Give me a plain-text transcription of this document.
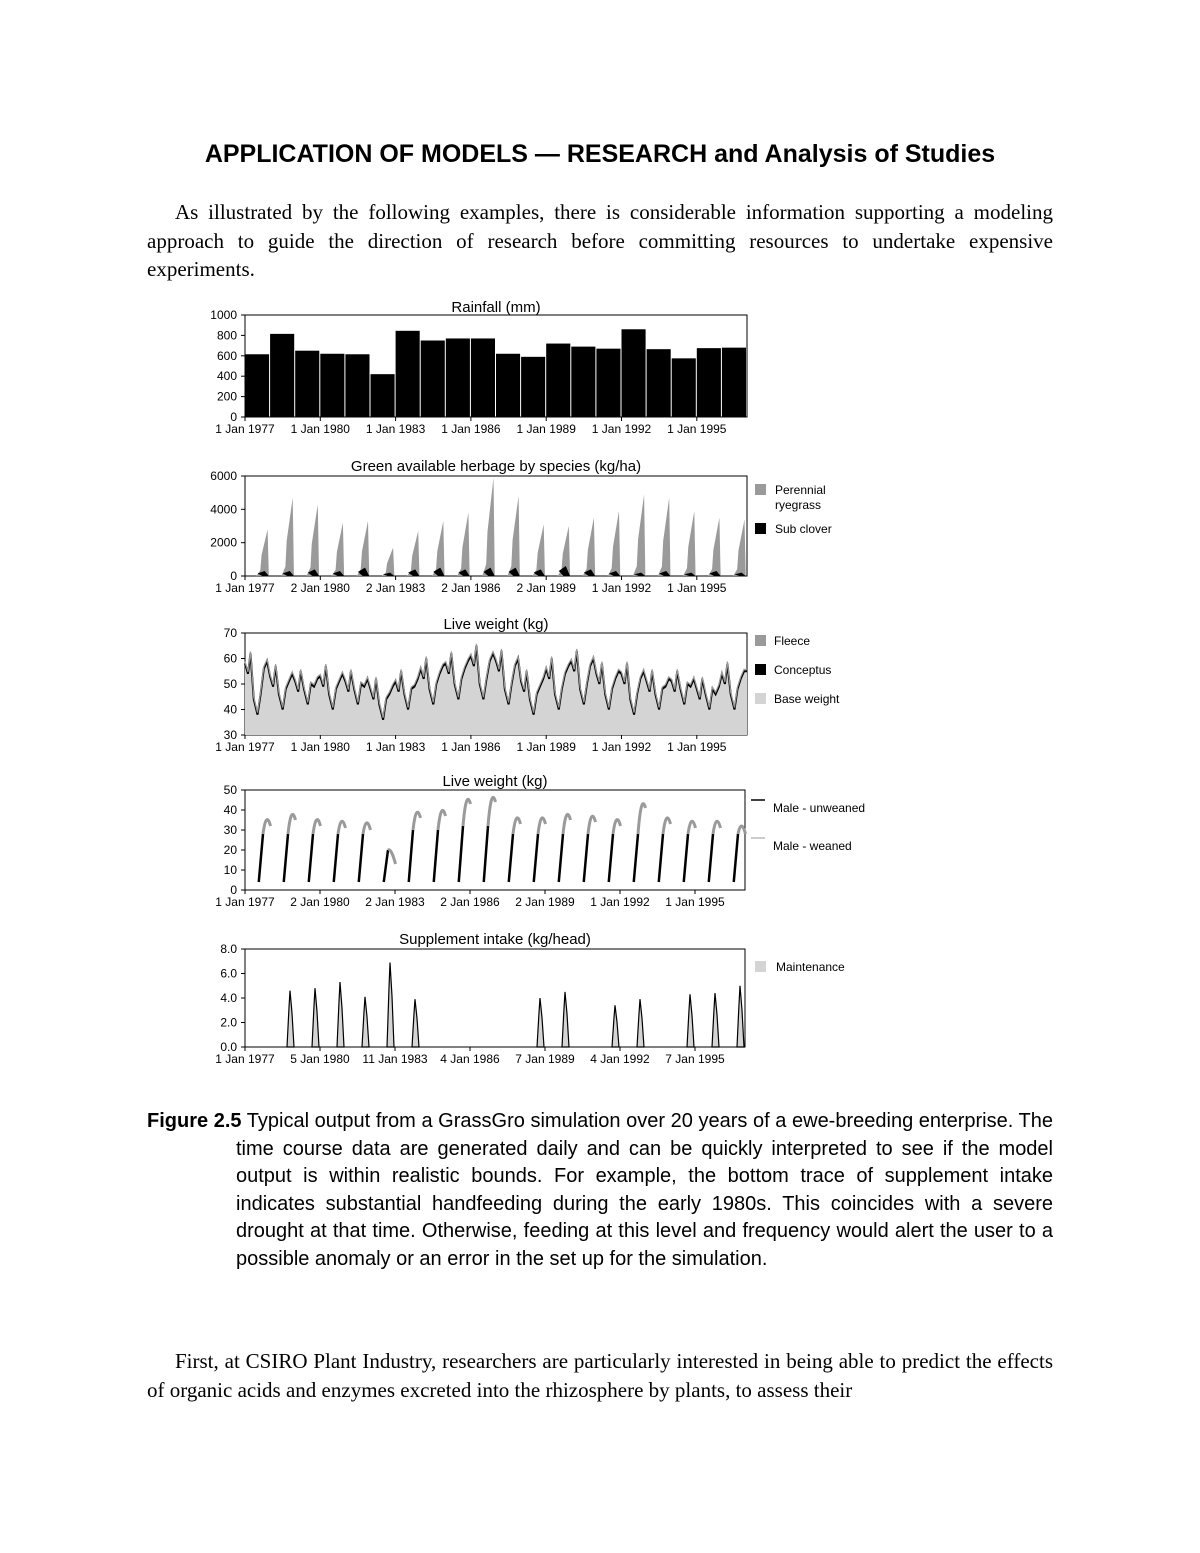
APPLICATION OF MODELS — RESEARCH and Analysis of Studies

As illustrated by the following examples, there is considerable information supporting a modeling approach to guide the direction of research before committing resources to undertake expensive experiments.

Rainfall (mm)
0
200
400
600
800
1000
1 Jan 1977 1 Jan 1980 1 Jan 1983 1 Jan 1986 1 Jan 1989 1 Jan 1992 1 Jan 1995
Green available herbage by species (kg/ha)
0
2000
4000
6000
1 Jan 1977 2 Jan 1980 2 Jan 1983 2 Jan 1986 2 Jan 1989 1 Jan 1992 1 Jan 1995
Perennial
ryegrass
Sub clover
Live weight (kg)
30
40
50
60
70
1 Jan 1977 1 Jan 1980 1 Jan 1983 1 Jan 1986 1 Jan 1989 1 Jan 1992 1 Jan 1995
Fleece
Conceptus
Base weight
Live weight (kg)
0
10
20
30
40
50
1 Jan 1977 2 Jan 1980 2 Jan 1983 2 Jan 1986 2 Jan 1989 1 Jan 1992 1 Jan 1995
Male - unweaned
Male - weaned
Supplement intake (kg/head)
0.0
2.0
4.0
6.0
8.0
1 Jan 1977 5 Jan 1980 11 Jan 1983 4 Jan 1986 7 Jan 1989 4 Jan 1992 7 Jan 1995
Maintenance

Figure 2.5 Typical output from a GrassGro simulation over 20 years of a ewe-breeding enterprise. The time course data are generated daily and can be quickly interpreted to see if the model output is within realistic bounds. For example, the bottom trace of supplement intake indicates substantial handfeeding during the early 1980s. This coincides with a severe drought at that time. Otherwise, feeding at this level and frequency would alert the user to a possible anomaly or an error in the set up for the simulation.

First, at CSIRO Plant Industry, researchers are particularly interested in being able to predict the effects of organic acids and enzymes excreted into the rhizosphere by plants, to assess their
